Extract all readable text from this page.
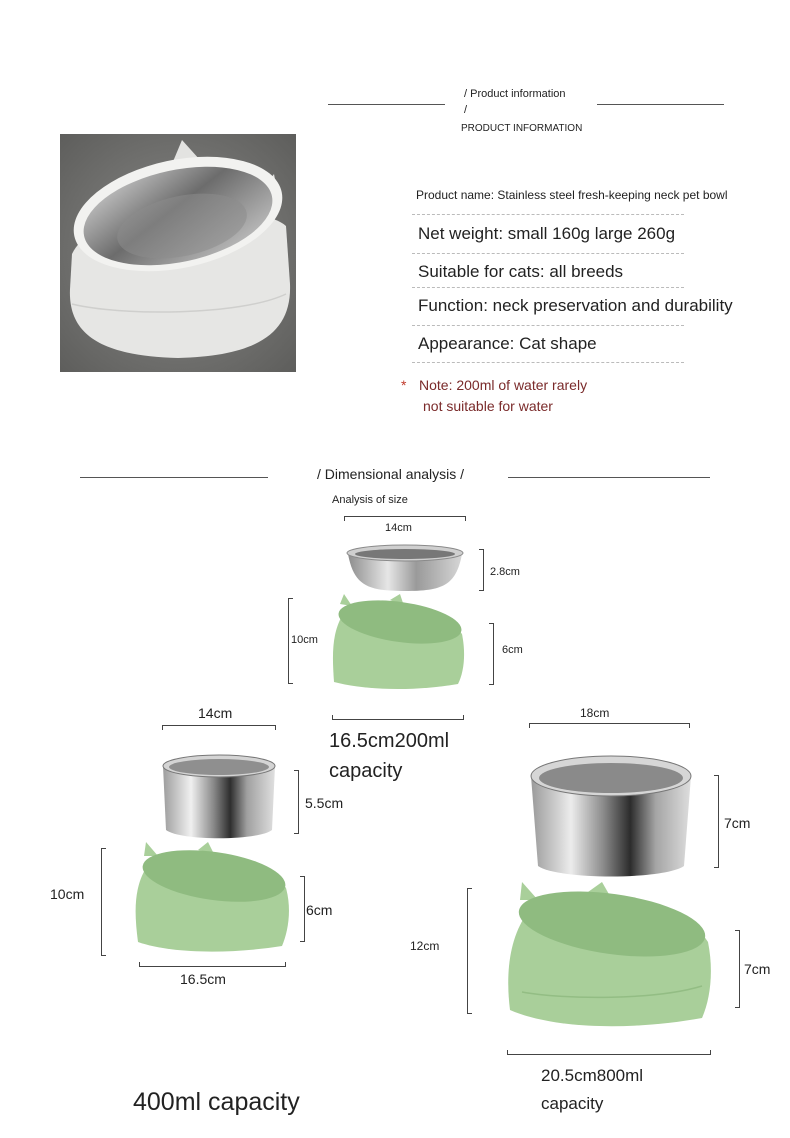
/ Product information
/
PRODUCT INFORMATION
Product name: Stainless steel fresh-keeping neck pet bowl
Net weight: small 160g large 260g
Suitable for cats: all breeds
Function: neck preservation and durability
Appearance: Cat shape
* Note: 200ml of water rarely
not suitable for water
/ Dimensional analysis /
Analysis of size
14cm
2.8cm
10cm
6cm
16.5cm200ml
capacity
14cm
5.5cm
10cm
6cm
16.5cm
400ml capacity
18cm
7cm
12cm
7cm
20.5cm800ml
capacity
